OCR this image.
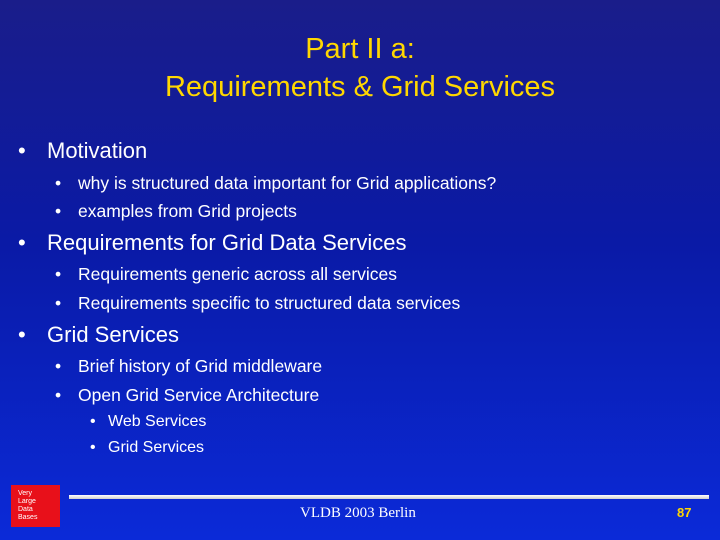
Part II a:
Requirements & Grid Services
• Motivation
• why is structured data important for Grid applications?
• examples from Grid projects
• Requirements for Grid Data Services
• Requirements generic across all services
• Requirements specific to structured data services
• Grid Services
• Brief history of Grid middleware
• Open Grid Service Architecture
• Web Services
• Grid Services
Very
Large
Data
Bases	VLDB 2003 Berlin	87
